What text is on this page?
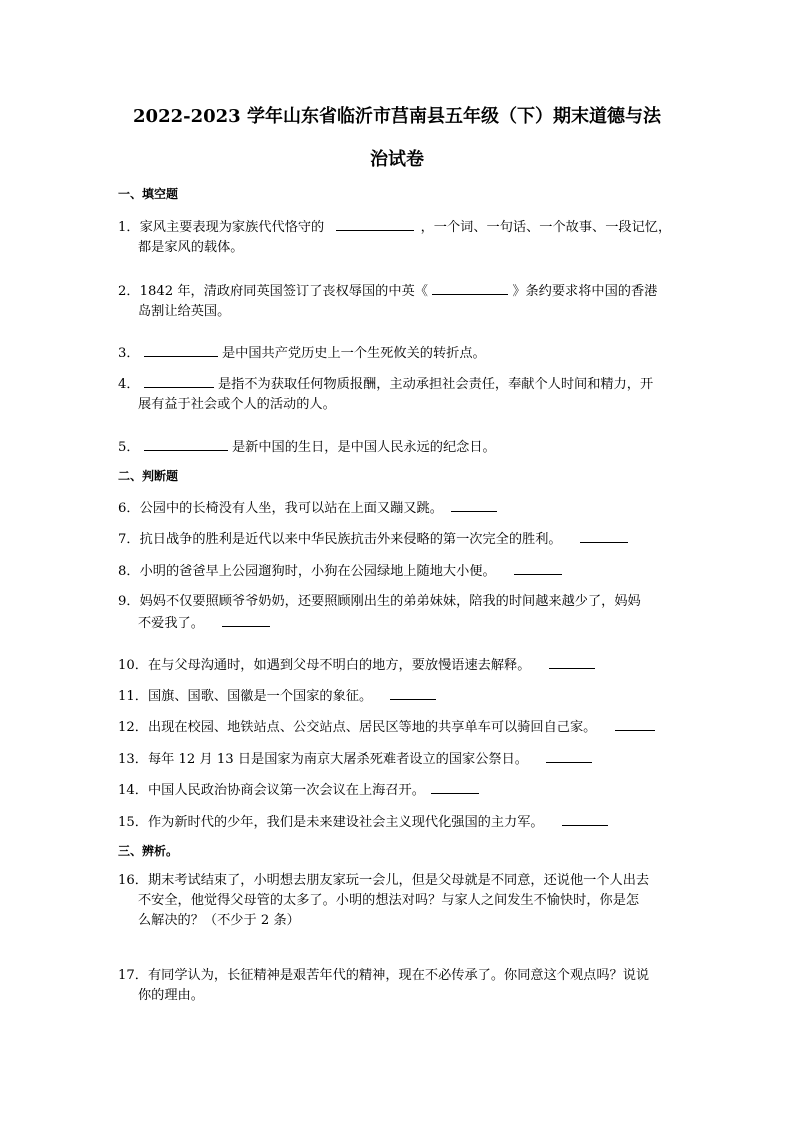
2022-2023 学年山东省临沂市莒南县五年级（下）期末道德与法
治试卷
一、填空题
1．家风主要表现为家族代代恪守的	，一个词、一句话、一个故事、一段记忆，
都是家风的载体。
2．1842 年，清政府同英国签订了丧权辱国的中英《	》条约要求将中国的香港
岛割让给英国。
3．	是中国共产党历史上一个生死攸关的转折点。
4．	是指不为获取任何物质报酬，主动承担社会责任，奉献个人时间和精力，开
展有益于社会或个人的活动的人。
5．	是新中国的生日，是中国人民永远的纪念日。
二、判断题
6．公园中的长椅没有人坐，我可以站在上面又蹦又跳。
7．抗日战争的胜利是近代以来中华民族抗击外来侵略的第一次完全的胜利。
8．小明的爸爸早上公园遛狗时，小狗在公园绿地上随地大小便。
9．妈妈不仅要照顾爷爷奶奶，还要照顾刚出生的弟弟妹妹，陪我的时间越来越少了，妈妈
不爱我了。
10．在与父母沟通时，如遇到父母不明白的地方，要放慢语速去解释。
11．国旗、国歌、国徽是一个国家的象征。
12．出现在校园、地铁站点、公交站点、居民区等地的共享单车可以骑回自己家。
13．每年 12 月 13 日是国家为南京大屠杀死难者设立的国家公祭日。
14．中国人民政治协商会议第一次会议在上海召开。
15．作为新时代的少年，我们是未来建设社会主义现代化强国的主力军。
三、辨析。
16．期末考试结束了，小明想去朋友家玩一会儿，但是父母就是不同意，还说他一个人出去
不安全，他觉得父母管的太多了。小明的想法对吗？与家人之间发生不愉快时，你是怎
么解决的？（不少于 2 条）
17．有同学认为，长征精神是艰苦年代的精神，现在不必传承了。你同意这个观点吗？说说
你的理由。
